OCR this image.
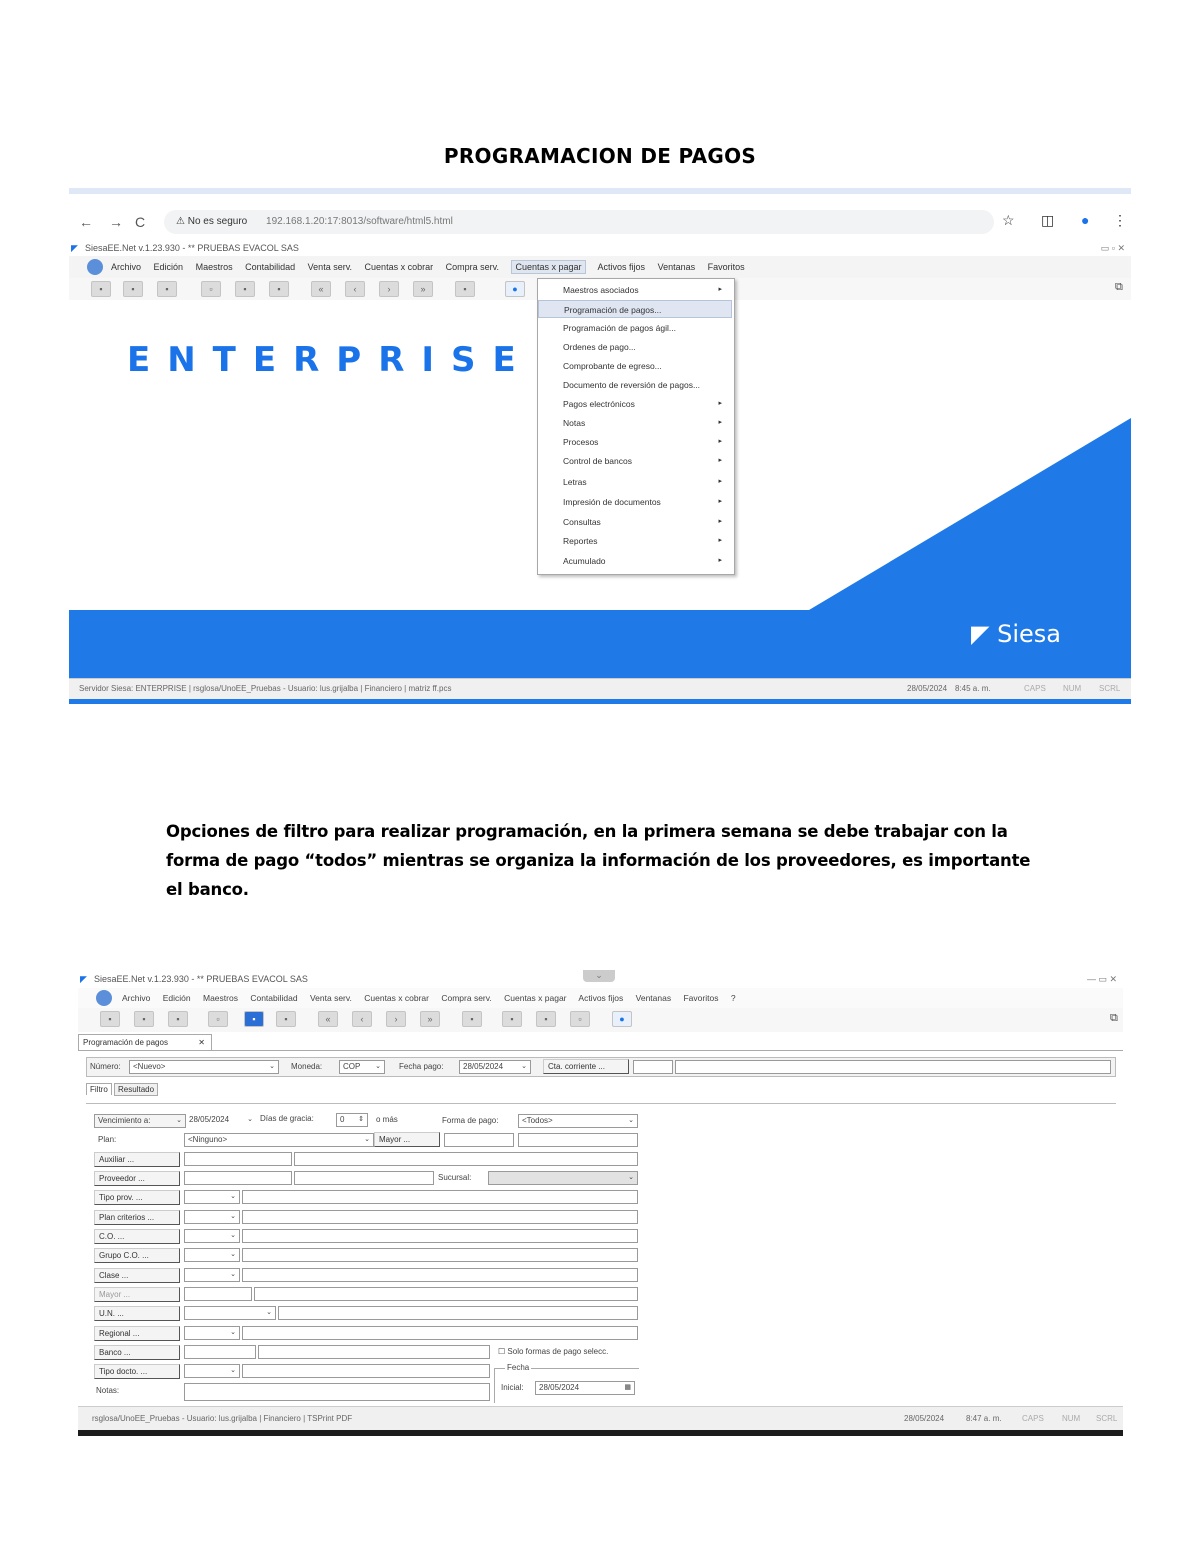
PROGRAMACION DE PAGOS
← → C	⚠ No es seguro 192.168.1.20:17:8013/software/html5.html	☆ ◫ ● ⋮
◤ SiesaEE.Net v.1.23.930 - ** PRUEBAS EVACOL SAS	▭ ▫ ✕
Archivo Edición Maestros Contabilidad Venta serv. Cuentas x cobrar Compra serv. Cuentas x pagar Activos fijos Ventanas Favoritos
▪	▪	▪	▫	▪	▪	«	‹	›	»	▪	●	⧉
ENTERPRISE
◤ Siesa
Servidor Siesa: ENTERPRISE | rsglosa/UnoEE_Pruebas - Usuario: lus.grijalba | Financiero | matriz ff.pcs	28/05/2024 8:45 a. m.	CAPS NUM SCRL
Maestros asociados	▸
Programación de pagos...
Programación de pagos ágil...
Ordenes de pago...
Comprobante de egreso...
Documento de reversión de pagos...
Pagos electrónicos	▸
Notas	▸
Procesos	▸
Control de bancos	▸
Letras	▸
Impresión de documentos	▸
Consultas	▸
Reportes	▸
Acumulado	▸
Opciones de filtro para realizar programación, en la primera semana se debe trabajar con la forma de pago “todos” mientras se organiza la información de los proveedores, es importante el banco.
◤ SiesaEE.Net v.1.23.930 - ** PRUEBAS EVACOL SAS	⌄	— ▭ ✕
Archivo Edición Maestros Contabilidad Venta serv. Cuentas x cobrar Compra serv. Cuentas x pagar Activos fijos Ventanas Favoritos ?
▪	▪	▪	▫	▪	▪	«	‹	›	»	▪	▪	▪	▫	●	⧉
Programación de pagos	✕
Número:	<Nuevo>	⌄ Moneda:	COP ⌄ Fecha pago:	28/05/2024	⌄	Cta. corriente ...
Filtro Resultado
Vencimiento a:	⌄ 28/05/2024	⌄ Días de gracia:	0 ⇕ o más	Forma de pago:	<Todos>	⌄
Plan:	<Ninguno>	⌄	Mayor ...
Auxiliar ...
Proveedor ...	Sucursal:	⌄
Tipo prov. ...	⌄
Plan criterios ...	⌄
C.O. ...	⌄
Grupo C.O. ...	⌄
Clase ...	⌄
Mayor ...
U.N. ...	⌄
Regional ...	⌄
Banco ...	☐ Solo formas de pago selecc.
Tipo docto. ...	⌄	Fecha
Inicial:	28/05/2024	▦
Notas:
rsglosa/UnoEE_Pruebas - Usuario: lus.grijalba | Financiero | TSPrint PDF	28/05/2024	8:47 a. m.	CAPS NUM SCRL
